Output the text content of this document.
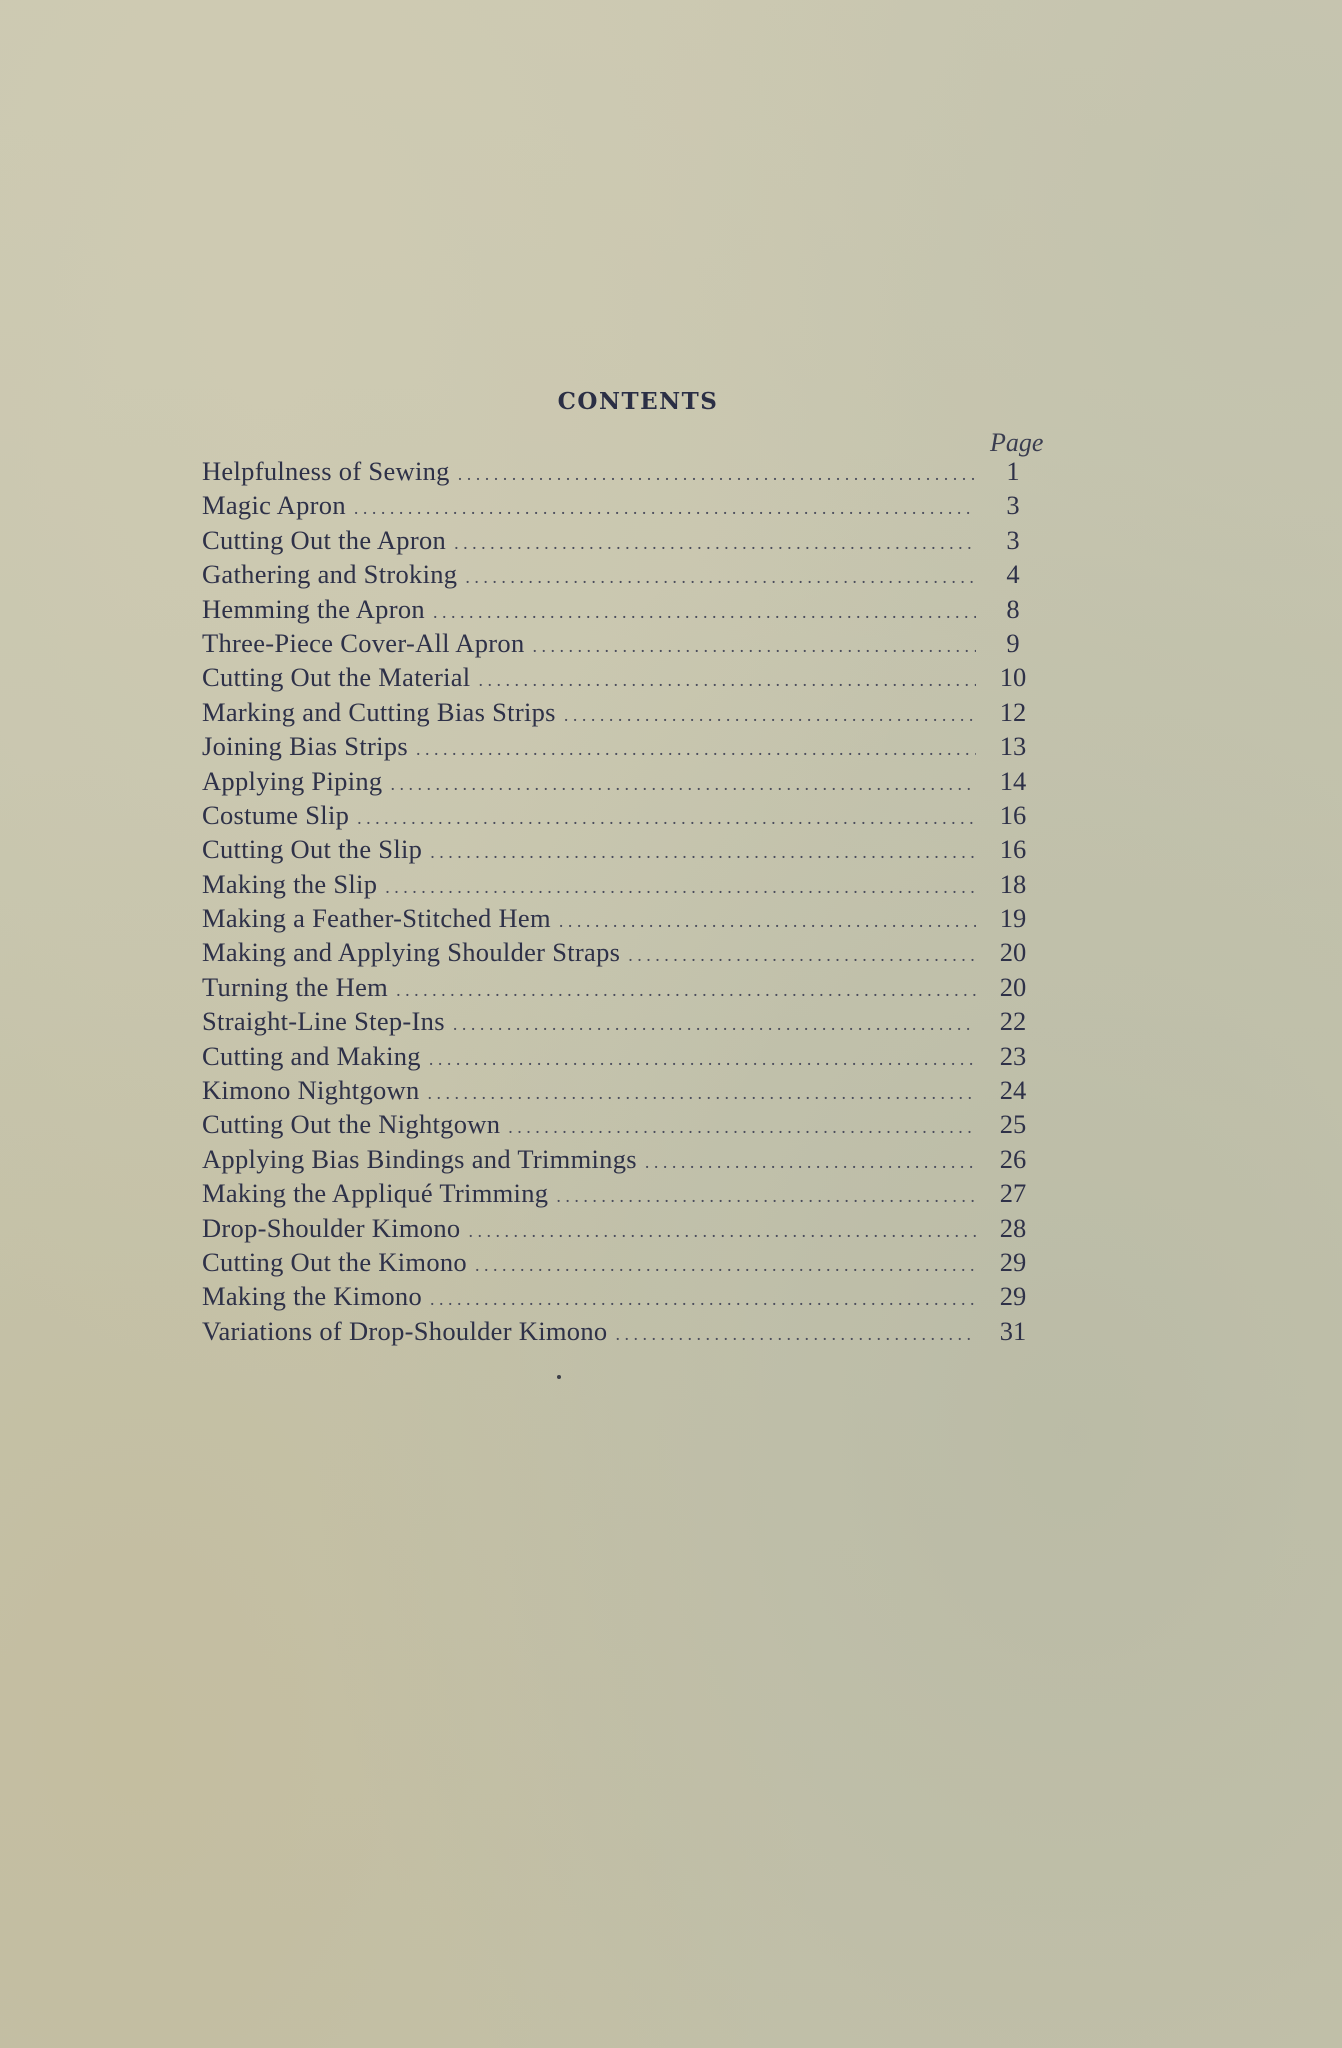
CONTENTS
Page
Helpfulness of Sewing . . .	1
Magic Apron . . .	3
Cutting Out the Apron . . .	3
Gathering and Stroking . . .	4
Hemming the Apron . . .	8
Three-Piece Cover-All Apron . . .	9
Cutting Out the Material . . .	10
Marking and Cutting Bias Strips . . .	12
Joining Bias Strips . . .	13
Applying Piping . . .	14
Costume Slip . . .	16
Cutting Out the Slip . . .	16
Making the Slip . . .	18
Making a Feather-Stitched Hem . . .	19
Making and Applying Shoulder Straps . . .	20
Turning the Hem . . .	20
Straight-Line Step-Ins . . .	22
Cutting and Making . . .	23
Kimono Nightgown . . .	24
Cutting Out the Nightgown . . .	25
Applying Bias Bindings and Trimmings . . .	26
Making the Appliqué Trimming . . .	27
Drop-Shoulder Kimono . . .	28
Cutting Out the Kimono . . .	29
Making the Kimono . . .	29
Variations of Drop-Shoulder Kimono . . .	31
